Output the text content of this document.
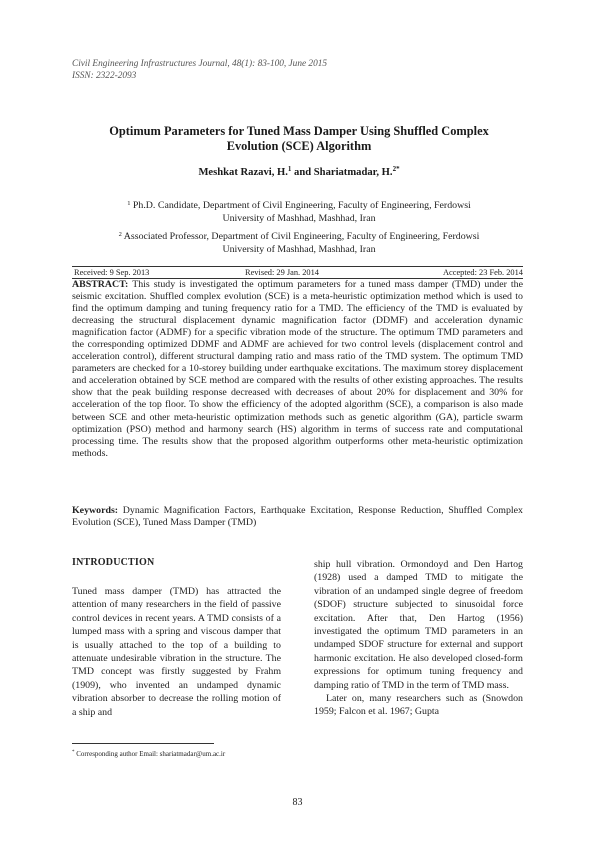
Civil Engineering Infrastructures Journal, 48(1): 83-100, June 2015
ISSN: 2322-2093
Optimum Parameters for Tuned Mass Damper Using Shuffled Complex
Evolution (SCE) Algorithm
Meshkat Razavi, H.$^1$ and Shariatmadar, H.$^{2*}$
$^1$ Ph.D. Candidate, Department of Civil Engineering, Faculty of Engineering, Ferdowsi
University of Mashhad, Mashhad, Iran
$^2$ Associated Professor, Department of Civil Engineering, Faculty of Engineering, Ferdowsi
University of Mashhad, Mashhad, Iran
Received: 9 Sep. 2013	Revised: 29 Jan. 2014	Accepted: 23 Feb. 2014
ABSTRACT: This study is investigated the optimum parameters for a tuned mass damper (TMD) under the seismic excitation. Shuffled complex evolution (SCE) is a meta-heuristic optimization method which is used to find the optimum damping and tuning frequency ratio for a TMD. The efficiency of the TMD is evaluated by decreasing the structural displacement dynamic magnification factor (DDMF) and acceleration dynamic magnification factor (ADMF) for a specific vibration mode of the structure. The optimum TMD parameters and the corresponding optimized DDMF and ADMF are achieved for two control levels (displacement control and acceleration control), different structural damping ratio and mass ratio of the TMD system. The optimum TMD parameters are checked for a 10-storey building under earthquake excitations. The maximum storey displacement and acceleration obtained by SCE method are compared with the results of other existing approaches. The results show that the peak building response decreased with decreases of about 20% for displacement and 30% for acceleration of the top floor. To show the efficiency of the adopted algorithm (SCE), a comparison is also made between SCE and other meta-heuristic optimization methods such as genetic algorithm (GA), particle swarm optimization (PSO) method and harmony search (HS) algorithm in terms of success rate and computational processing time. The results show that the proposed algorithm outperforms other meta-heuristic optimization methods.
Keywords: Dynamic Magnification Factors, Earthquake Excitation, Response Reduction, Shuffled Complex Evolution (SCE), Tuned Mass Damper (TMD)
INTRODUCTION

Tuned mass damper (TMD) has attracted the attention of many researchers in the field of passive control devices in recent years. A TMD consists of a lumped mass with a spring and viscous damper that is usually attached to the top of a building to attenuate undesirable vibration in the structure. The TMD concept was firstly suggested by Frahm (1909), who invented an undamped dynamic vibration absorber to decrease the rolling motion of a ship and

ship hull vibration. Ormondoyd and Den Hartog (1928) used a damped TMD to mitigate the vibration of an undamped single degree of freedom (SDOF) structure subjected to sinusoidal force excitation. After that, Den Hartog (1956) investigated the optimum TMD parameters in an undamped SDOF structure for external and support harmonic excitation. He also developed closed-form expressions for optimum tuning frequency and damping ratio of TMD in the term of TMD mass.

Later on, many researchers such as (Snowdon 1959; Falcon et al. 1967; Gupta

* Corresponding author Email: shariatmadar@um.ac.ir
83
